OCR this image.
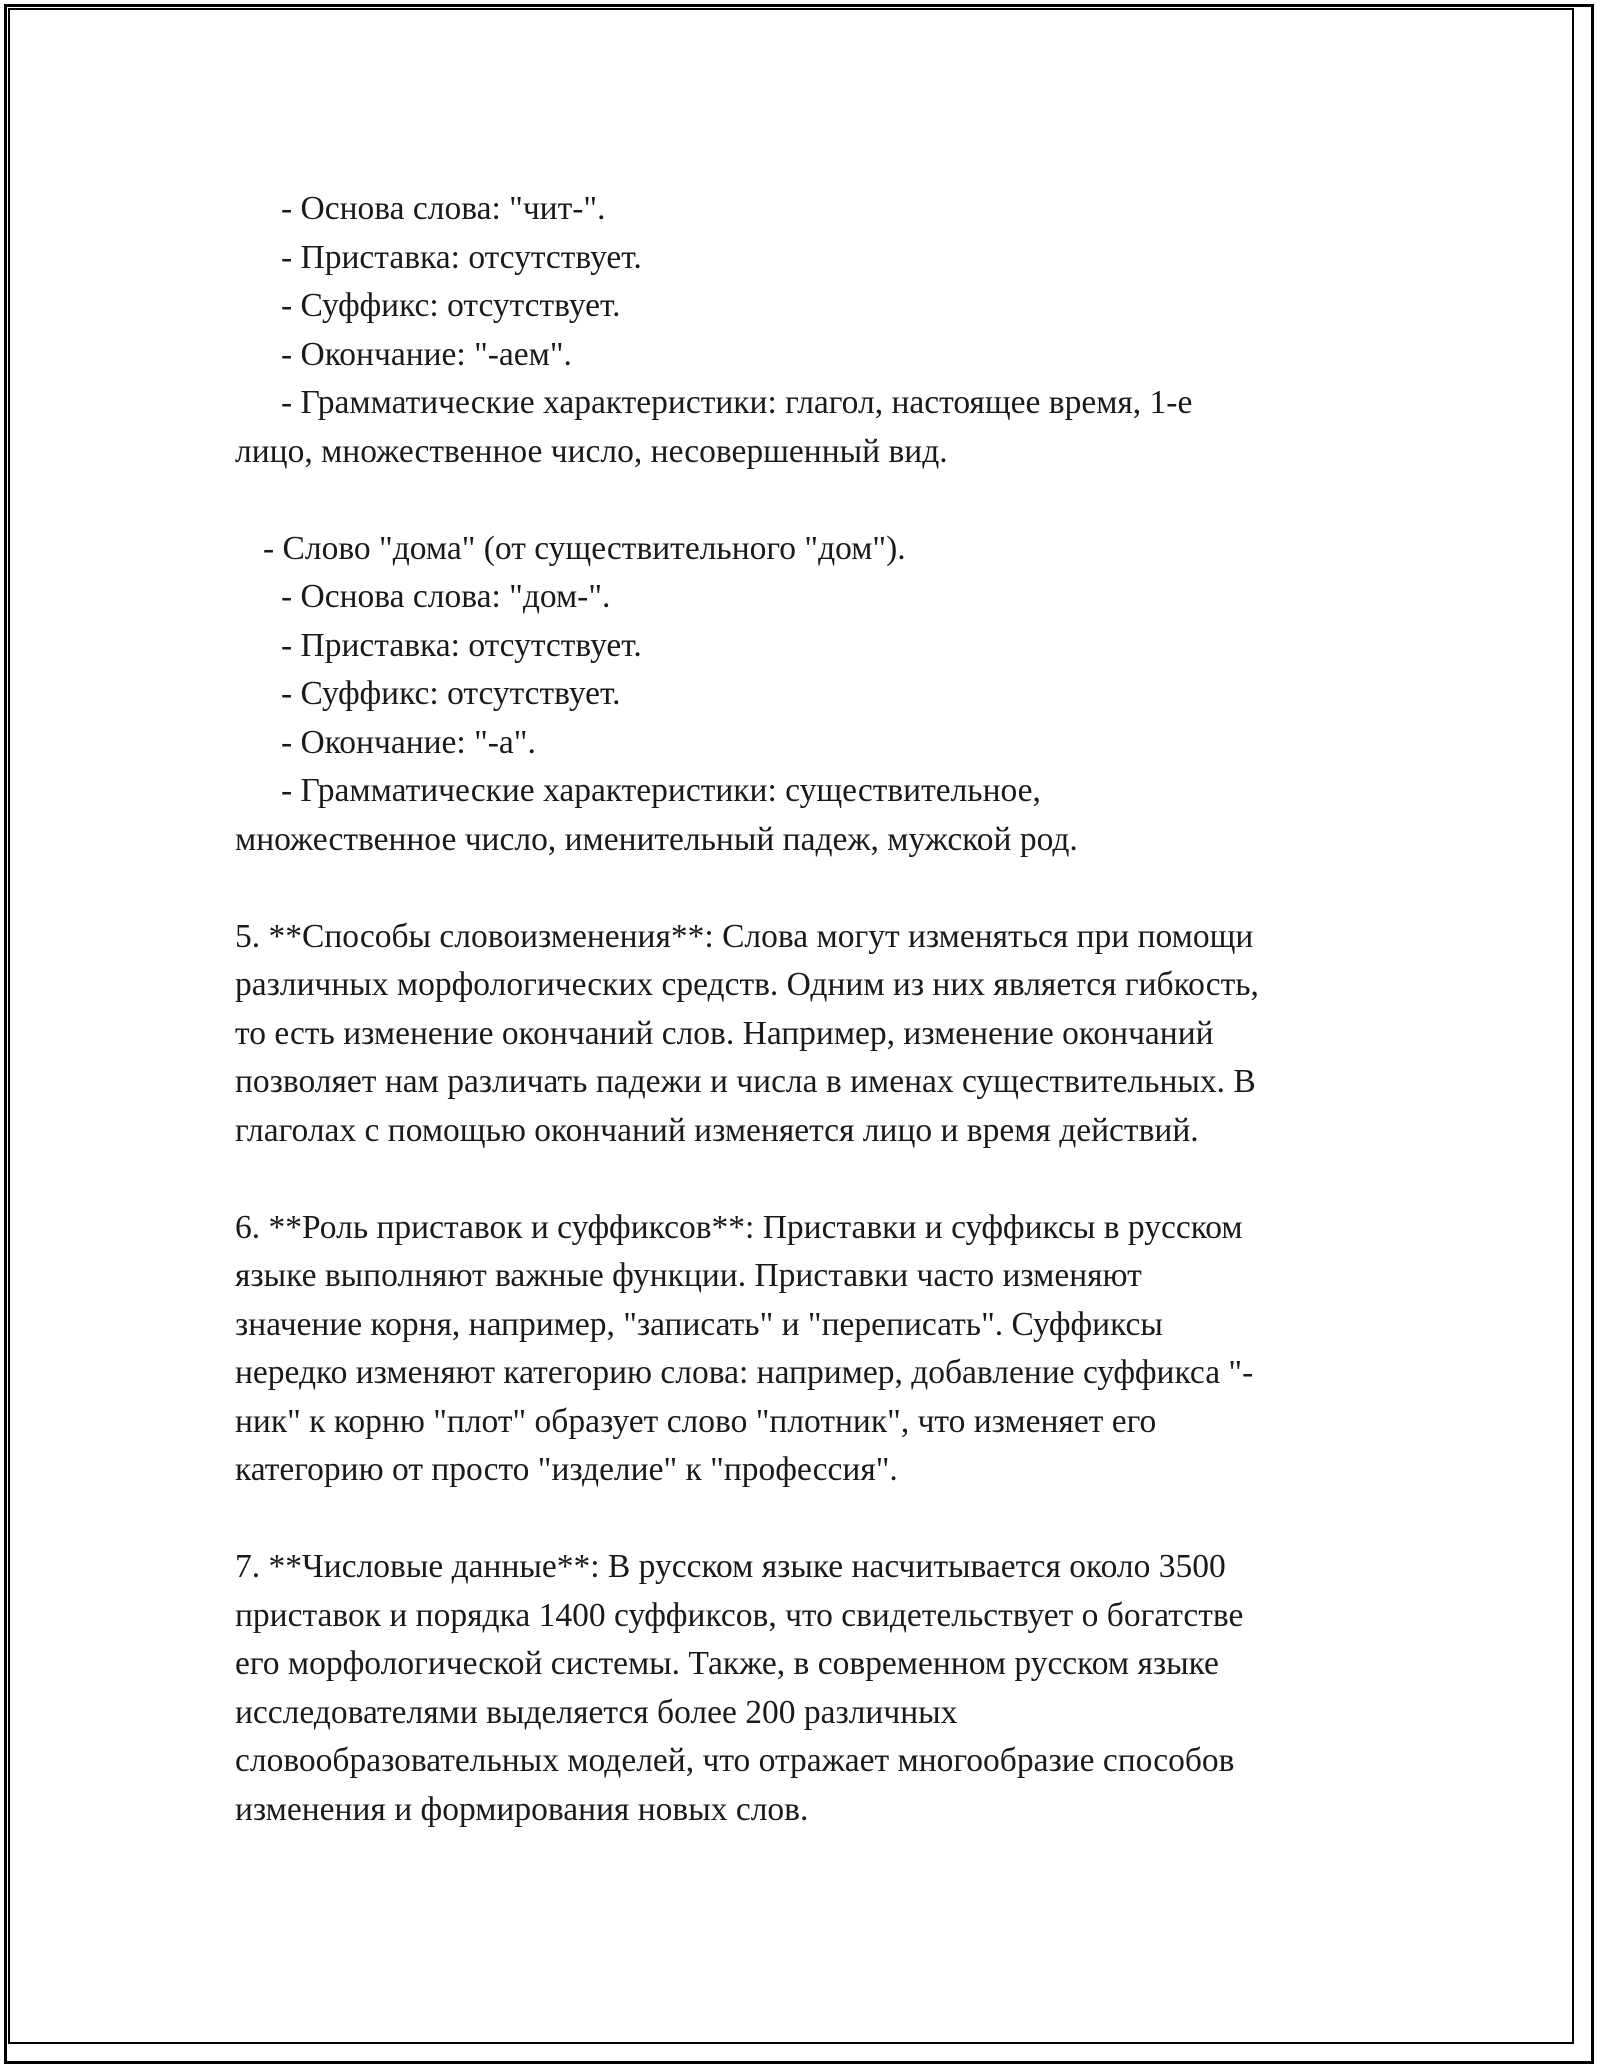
- Основа слова: "чит-".
- Приставка: отсутствует.
- Суффикс: отсутствует.
- Окончание: "-аем".
- Грамматические характеристики: глагол, настоящее время, 1-е
лицо, множественное число, несовершенный вид.
- Слово "дома" (от существительного "дом").
- Основа слова: "дом-".
- Приставка: отсутствует.
- Суффикс: отсутствует.
- Окончание: "-а".
- Грамматические характеристики: существительное,
множественное число, именительный падеж, мужской род.
5. **Способы словоизменения**: Слова могут изменяться при помощи
различных морфологических средств. Одним из них является гибкость,
то есть изменение окончаний слов. Например, изменение окончаний
позволяет нам различать падежи и числа в именах существительных. В
глаголах с помощью окончаний изменяется лицо и время действий.
6. **Роль приставок и суффиксов**: Приставки и суффиксы в русском
языке выполняют важные функции. Приставки часто изменяют
значение корня, например, "записать" и "переписать". Суффиксы
нередко изменяют категорию слова: например, добавление суффикса "-
ник" к корню "плот" образует слово "плотник", что изменяет его
категорию от просто "изделие" к "профессия".
7. **Числовые данные**: В русском языке насчитывается около 3500
приставок и порядка 1400 суффиксов, что свидетельствует о богатстве
его морфологической системы. Также, в современном русском языке
исследователями выделяется более 200 различных
словообразовательных моделей, что отражает многообразие способов
изменения и формирования новых слов.
